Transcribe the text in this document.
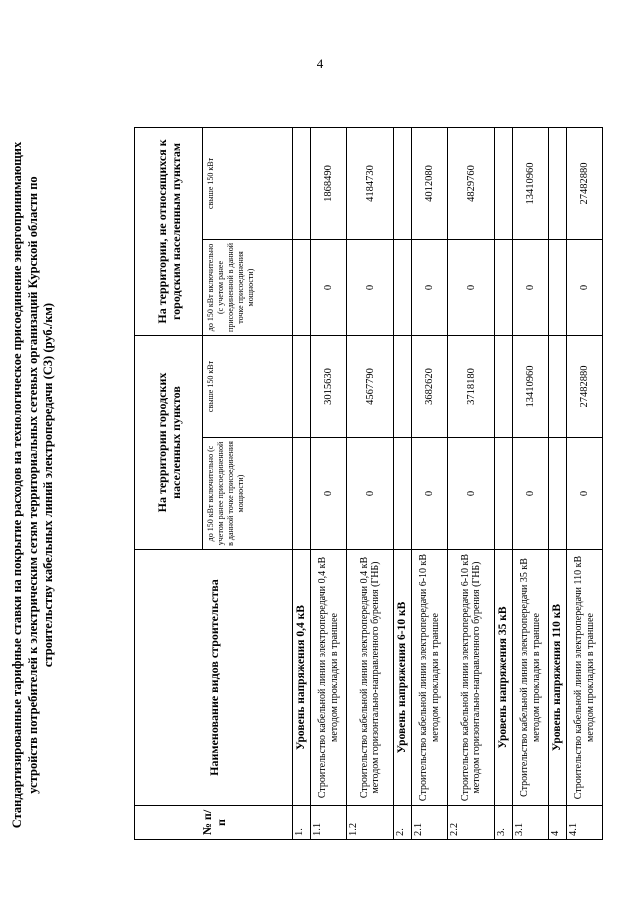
4
Стандартизированные тарифные ставки на покрытие расходов на технологическое присоединение энергопринимающих устройств потребителей к электрическим сетям территориальных сетевых организаций Курской области по строительству кабельных линий электропередачи (С3) (руб./км)
№ п/п	Наименование видов строительства	На территории городских населенных пунктов		На территории, не относящихся к городским населенным пунктам	
		до 150 кВт включительно (с учетом ранее присоединенной в данной точке присоединения мощности)	свыше 150 кВт	до 150 кВт включительно (с учетом ранее присоединенной в данной точке присоединения мощности)	свыше 150 кВт
1.	Уровень напряжения 0,4 кВ				
1.1	Строительство кабельной линии электропередачи 0,4 кВ методом прокладки в траншее	0	3015630	0	1868490
1.2	Строительство кабельной линии электропередачи 0,4 кВ методом горизонтально-направленного бурения (ГНБ)	0	4567790	0	4184730
2.	Уровень напряжения 6-10 кВ				
2.1	Строительство кабельной линии электропередачи 6-10 кВ методом прокладки в траншее	0	3682620	0	4012080
2.2	Строительство кабельной линии электропередачи 6-10 кВ методом горизонтально-направленного бурения (ГНБ)	0	3718180	0	4829760
3.	Уровень напряжения 35 кВ				
3.1	Строительство кабельной линии электропередачи 35 кВ методом прокладки в траншее	0	13410960	0	13410960
4	Уровень напряжения 110 кВ				
4.1	Строительство кабельной линии электропередачи 110 кВ методом прокладки в траншее	0	27482880	0	27482880
